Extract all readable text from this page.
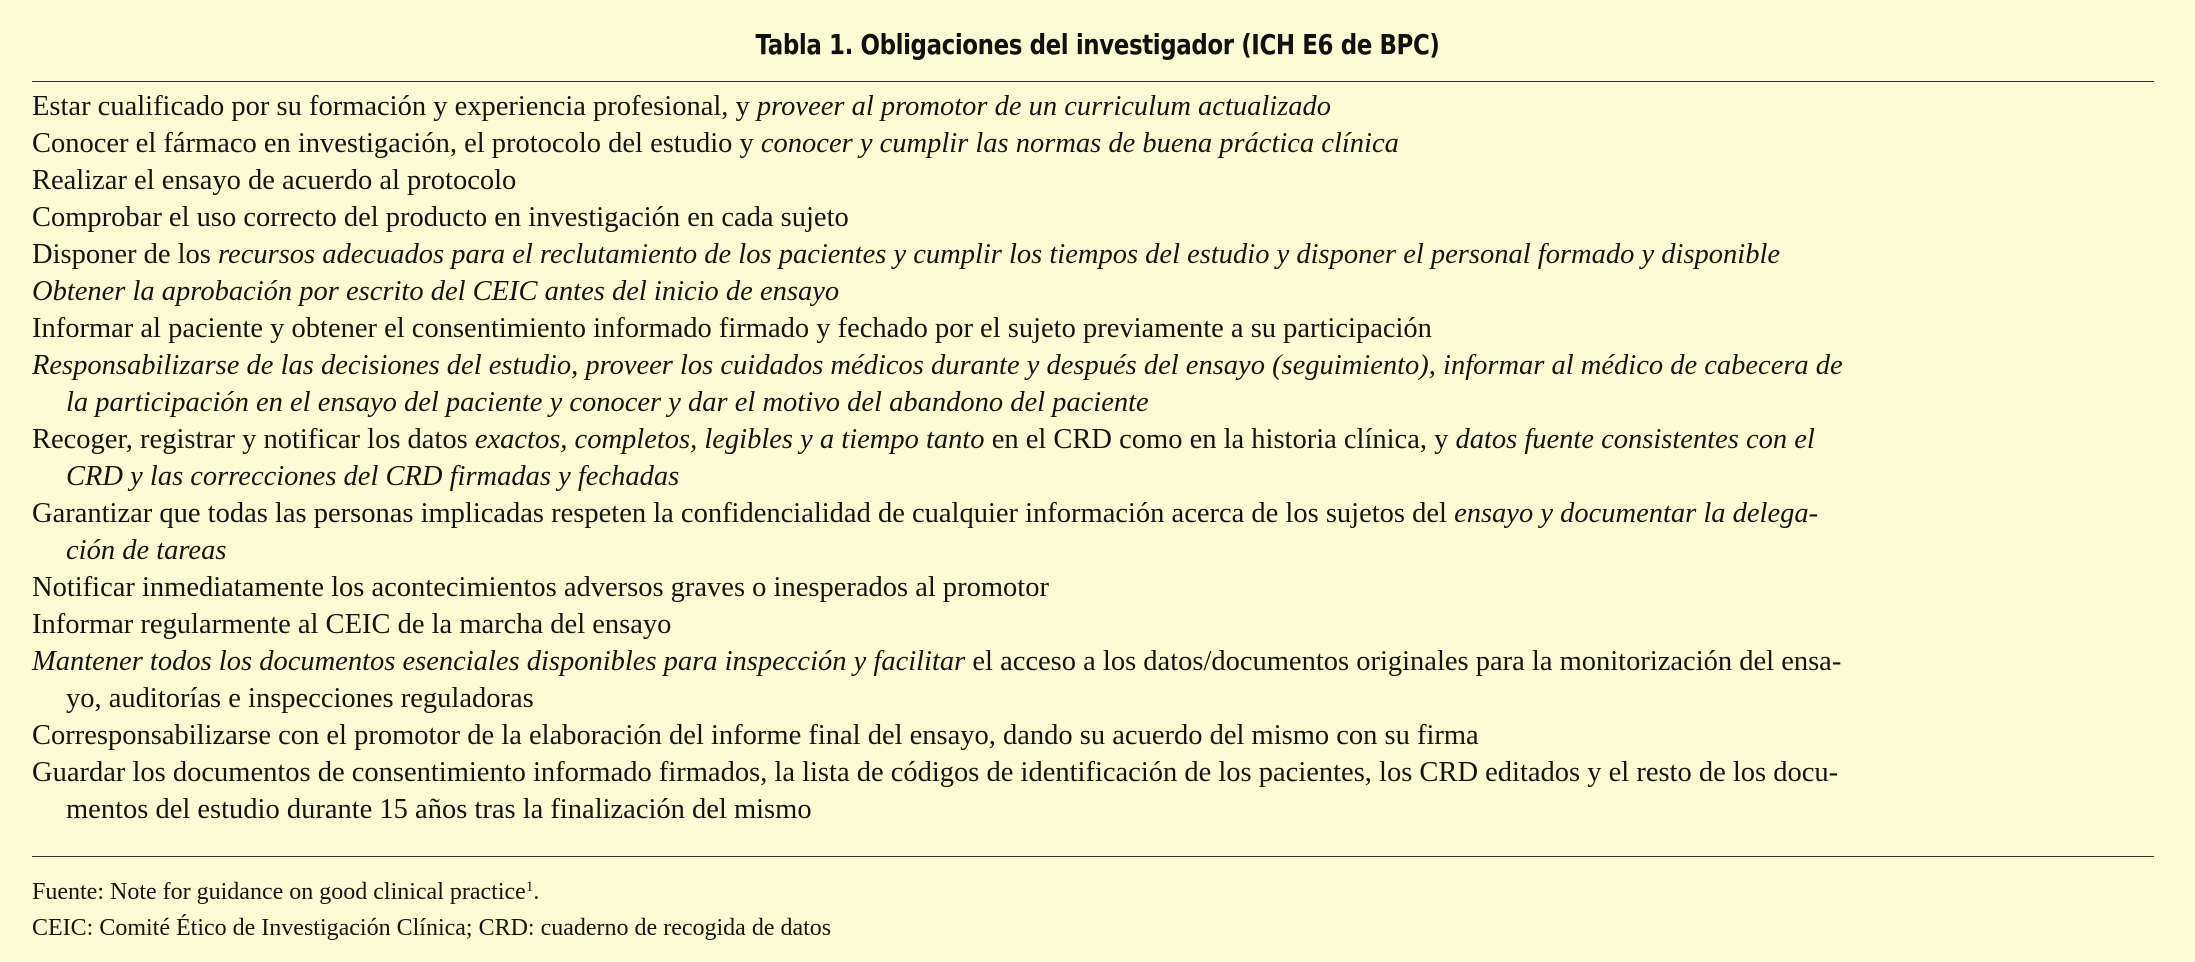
Tabla 1. Obligaciones del investigador (ICH E6 de BPC)
Estar cualificado por su formación y experiencia profesional, y proveer al promotor de un curriculum actualizado
Conocer el fármaco en investigación, el protocolo del estudio y conocer y cumplir las normas de buena práctica clínica
Realizar el ensayo de acuerdo al protocolo
Comprobar el uso correcto del producto en investigación en cada sujeto
Disponer de los recursos adecuados para el reclutamiento de los pacientes y cumplir los tiempos del estudio y disponer el personal formado y disponible
Obtener la aprobación por escrito del CEIC antes del inicio de ensayo
Informar al paciente y obtener el consentimiento informado firmado y fechado por el sujeto previamente a su participación
Responsabilizarse de las decisiones del estudio, proveer los cuidados médicos durante y después del ensayo (seguimiento), informar al médico de cabecera de
la participación en el ensayo del paciente y conocer y dar el motivo del abandono del paciente
Recoger, registrar y notificar los datos exactos, completos, legibles y a tiempo tanto en el CRD como en la historia clínica, y datos fuente consistentes con el
CRD y las correcciones del CRD firmadas y fechadas
Garantizar que todas las personas implicadas respeten la confidencialidad de cualquier información acerca de los sujetos del ensayo y documentar la delega-
ción de tareas
Notificar inmediatamente los acontecimientos adversos graves o inesperados al promotor
Informar regularmente al CEIC de la marcha del ensayo
Mantener todos los documentos esenciales disponibles para inspección y facilitar el acceso a los datos/documentos originales para la monitorización del ensa-
yo, auditorías e inspecciones reguladoras
Corresponsabilizarse con el promotor de la elaboración del informe final del ensayo, dando su acuerdo del mismo con su firma
Guardar los documentos de consentimiento informado firmados, la lista de códigos de identificación de los pacientes, los CRD editados y el resto de los docu-
mentos del estudio durante 15 años tras la finalización del mismo
Fuente: Note for guidance on good clinical practice$^1$.
CEIC: Comité Ético de Investigación Clínica; CRD: cuaderno de recogida de datos
